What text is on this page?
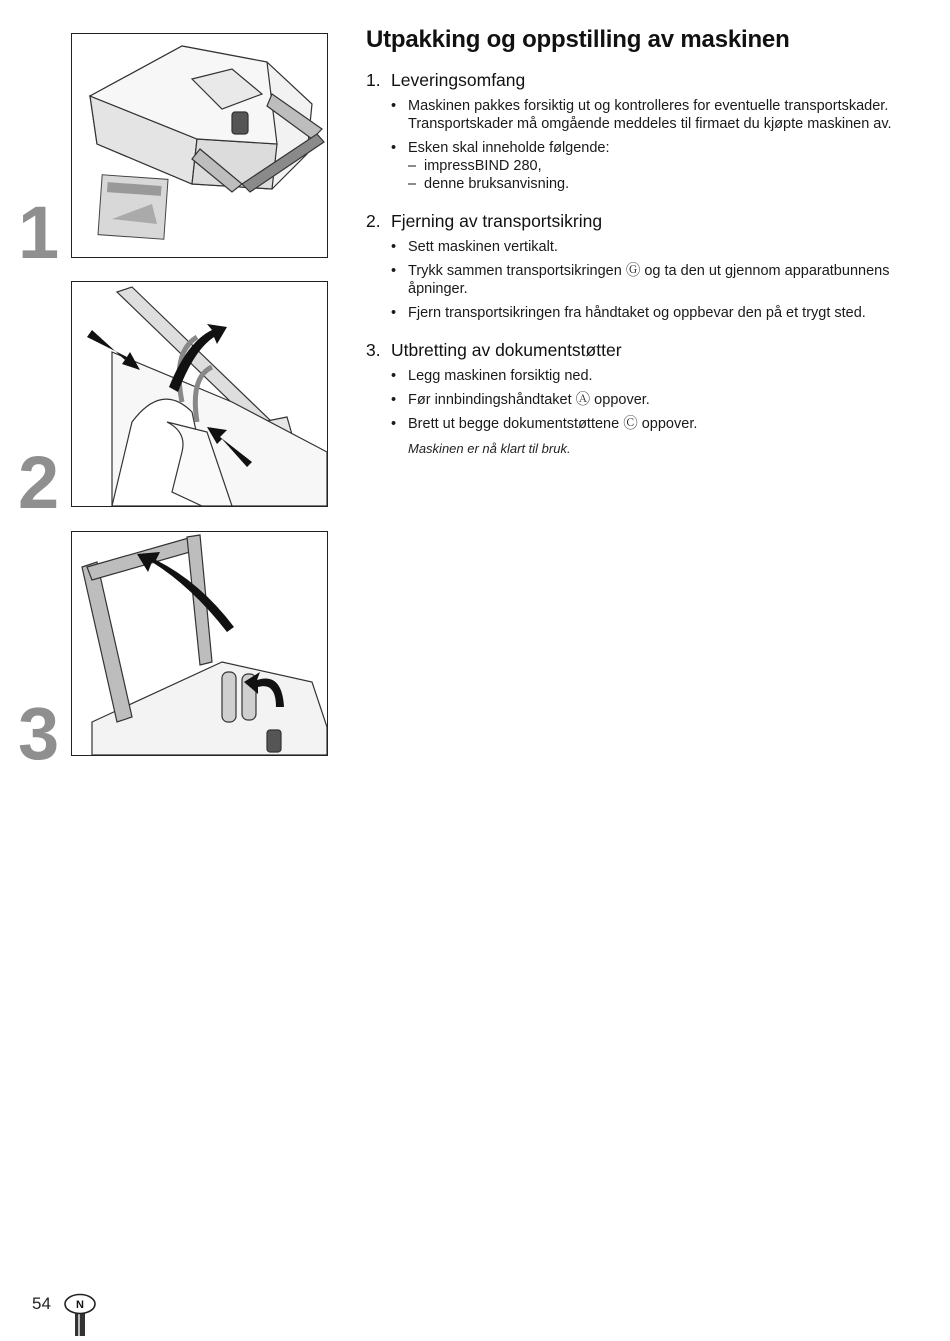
1
2
3
Utpakking og oppstilling av maskinen
1. Leveringsomfang
• Maskinen pakkes forsiktig ut og kontrolleres for eventuelle transportskader. Transportskader må omgående meddeles til firmaet du kjøpte maskinen av.
• Esken skal inneholde følgende:
– impressBIND 280,
– denne bruksanvisning.
2. Fjerning av transportsikring
• Sett maskinen vertikalt.
• Trykk sammen transportsikringen Ⓖ og ta den ut gjennom apparatbunnens åpninger.
• Fjern transportsikringen fra håndtaket og oppbevar den på et trygt sted.
3. Utbretting av dokumentstøtter
• Legg maskinen forsiktig ned.
• Før innbindingshåndtaket Ⓐ oppover.
• Brett ut begge dokumentstøttene Ⓒ oppover.
Maskinen er nå klart til bruk.
54 N
